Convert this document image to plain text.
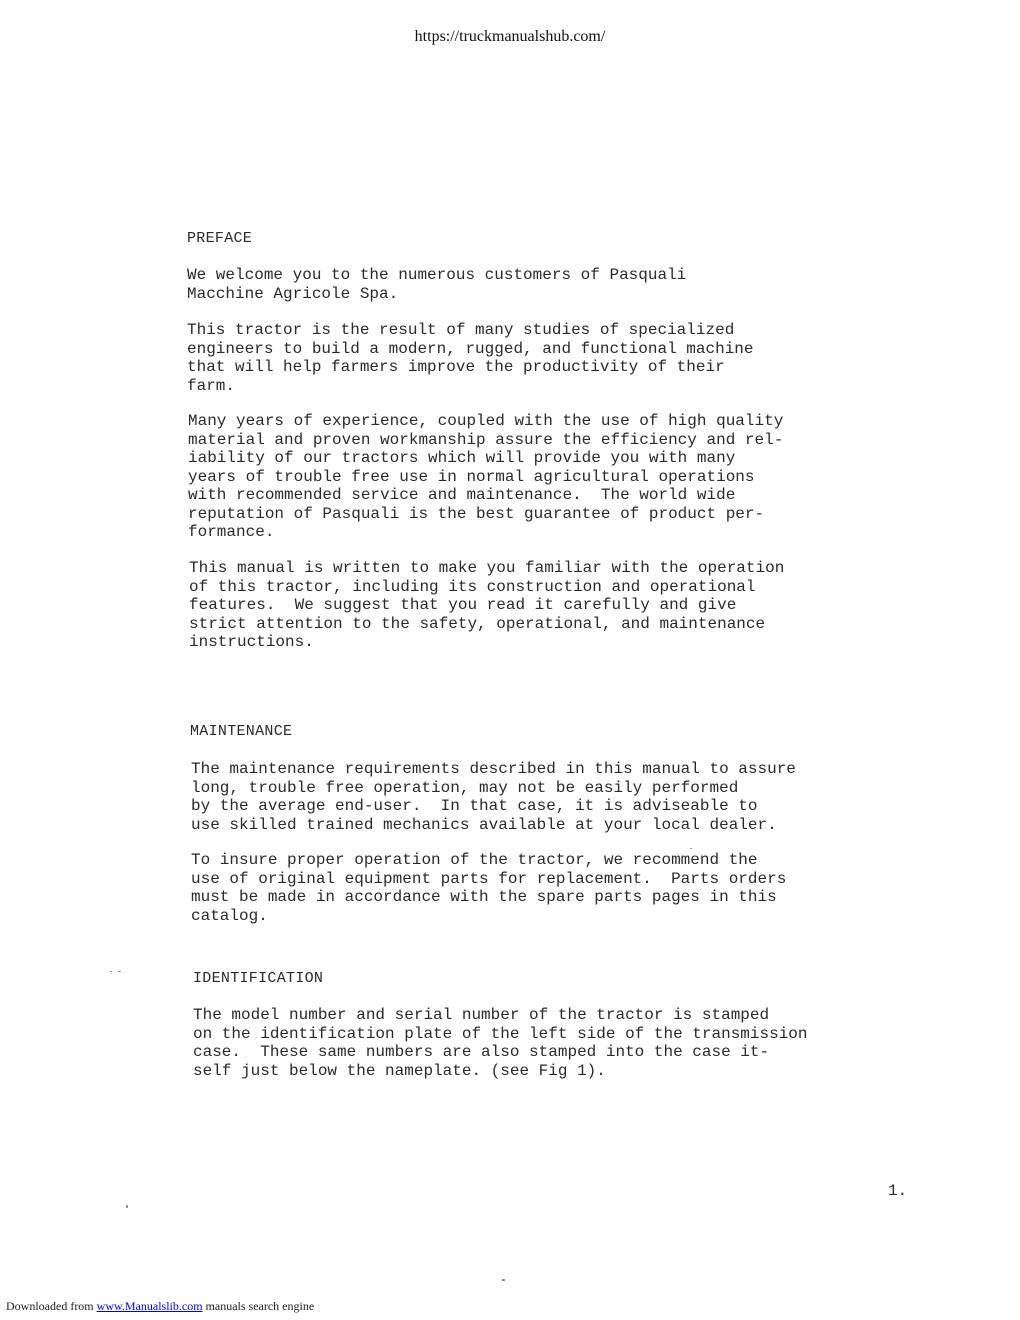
https://truckmanualshub.com/
PREFACE
We welcome you to the numerous customers of Pasquali
Macchine Agricole Spa.
This tractor is the result of many studies of specialized
engineers to build a modern, rugged, and functional machine
that will help farmers improve the productivity of their
farm.
Many years of experience, coupled with the use of high quality
material and proven workmanship assure the efficiency and rel-
iability of our tractors which will provide you with many
years of trouble free use in normal agricultural operations
with recommended service and maintenance.  The world wide
reputation of Pasquali is the best guarantee of product per-
formance.
This manual is written to make you familiar with the operation
of this tractor, including its construction and operational
features.  We suggest that you read it carefully and give
strict attention to the safety, operational, and maintenance
instructions.
MAINTENANCE
The maintenance requirements described in this manual to assure
long, trouble free operation, may not be easily performed
by the average end-user.  In that case, it is adviseable to
use skilled trained mechanics available at your local dealer.
To insure proper operation of the tractor, we recommend the
use of original equipment parts for replacement.  Parts orders
must be made in accordance with the spare parts pages in this
catalog.
IDENTIFICATION
The model number and serial number of the tractor is stamped
on the identification plate of the left side of the transmission
case.  These same numbers are also stamped into the case it-
self just below the nameplate. (see Fig 1).
1.
Downloaded from www.Manualslib.com manuals search engine
